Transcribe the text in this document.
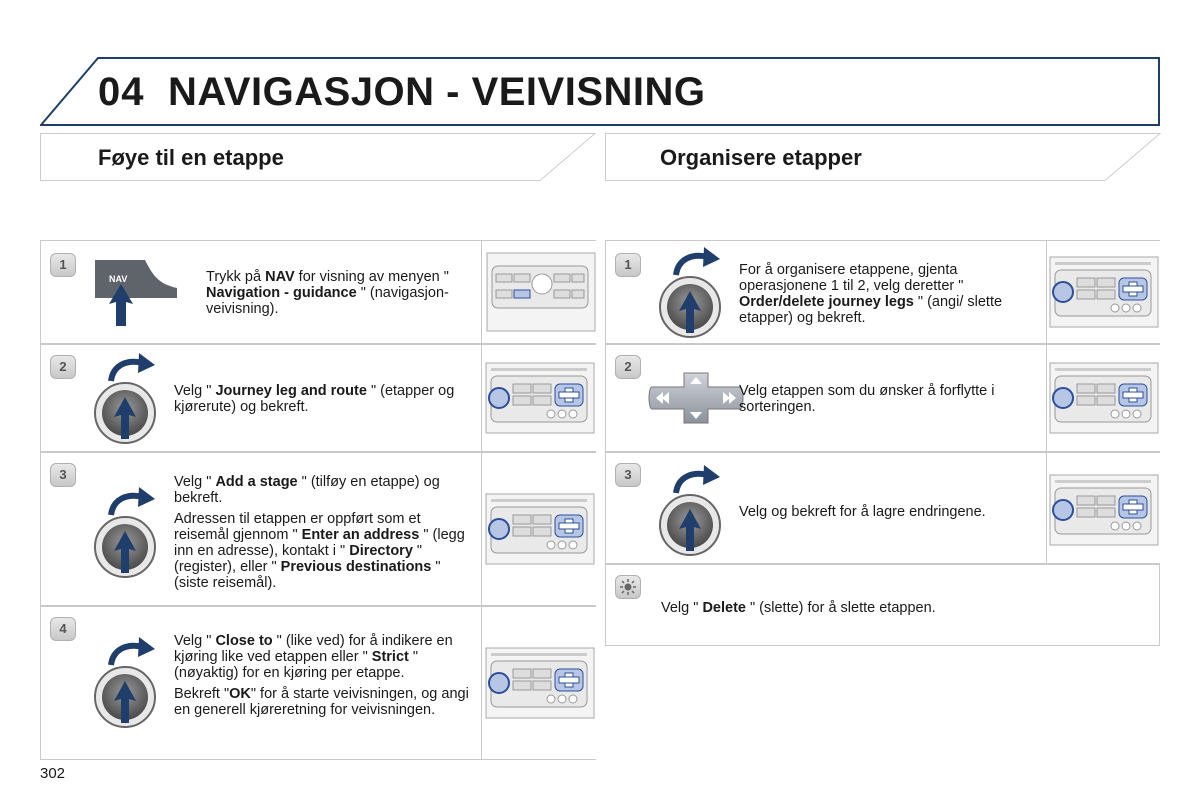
04 NAVIGASJON - VEIVISNING
Føye til en etappe	Organisere etapper
1
NAV	Trykk på NAV for visning av menyen " Navigation - guidance " (navigasjon-veivisning).

2

Velg " Journey leg and route " (etapper og kjørerute) og bekreft.

3	Velg " Add a stage " (tilføy en etappe) og bekreft.

Adressen til etappen er oppført som et reisemål gjennom " Enter an address " (legg inn en adresse), kontakt i " Directory " (register), eller " Previous destinations " (siste reisemål).

4

Velg " Close to " (like ved) for å indikere en kjøring like ved etappen eller " Strict " (nøyaktig) for en kjøring per etappe.

Bekreft "OK" for å starte veivisningen, og angi en generell kjøreretning for veivisningen.

1	For å organisere etappene, gjenta operasjonene 1 til 2, velg deretter " Order/delete journey legs " (angi/ slette etapper) og bekreft.

2

Velg etappen som du ønsker å forflytte i sorteringen.

3

Velg og bekreft for å lagre endringene.

Velg " Delete " (slette) for å slette etappen.

302
